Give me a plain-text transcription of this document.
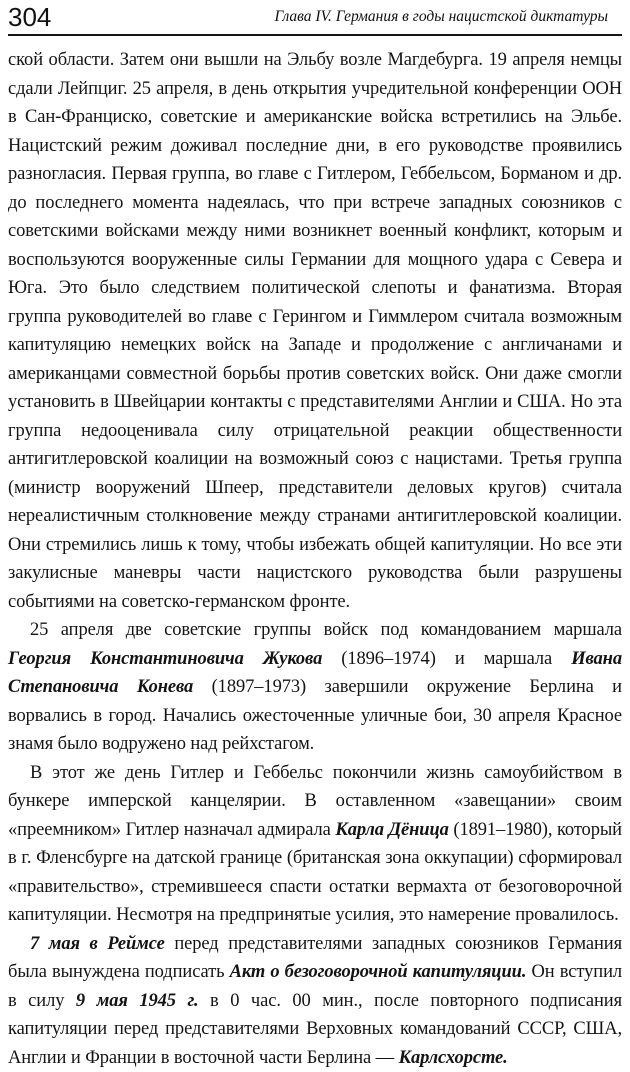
304	Глава IV. Германия в годы нацистской диктатуры

ской области. Затем они вышли на Эльбу возле Магдебурга. 19 апреля немцы сдали Лейпциг. 25 апреля, в день открытия учредительной конференции ООН в Сан-Франциско, советские и американские войска встретились на Эльбе. Нацистский режим доживал последние дни, в его руководстве проявились разногласия. Первая группа, во главе с Гитлером, Геббельсом, Борманом и др. до последнего момента надеялась, что при встрече западных союзников с советскими войсками между ними возникнет военный конфликт, которым и воспользуются вооруженные силы Германии для мощного удара с Севера и Юга. Это было следствием политической слепоты и фанатизма. Вторая группа руководителей во главе с Герингом и Гиммлером считала возможным капитуляцию немецких войск на Западе и продолжение с англичанами и американцами совместной борьбы против советских войск. Они даже смогли установить в Швейцарии контакты с представителями Англии и США. Но эта группа недооценивала силу отрицательной реакции общественности антигитлеровской коалиции на возможный союз с нацистами. Третья группа (министр вооружений Шпеер, представители деловых кругов) считала нереалистичным столкновение между странами антигитлеровской коалиции. Они стремились лишь к тому, чтобы избежать общей капитуляции. Но все эти закулисные маневры части нацистского руководства были разрушены событиями на советско-германском фронте.

25 апреля две советские группы войск под командованием маршала Георгия Константиновича Жукова (1896–1974) и маршала Ивана Степановича Конева (1897–1973) завершили окружение Берлина и ворвались в город. Начались ожесточенные уличные бои, 30 апреля Красное знамя было водружено над рейхстагом.

В этот же день Гитлер и Геббельс покончили жизнь самоубийством в бункере имперской канцелярии. В оставленном «завещании» своим «преемником» Гитлер назначал адмирала Карла Дёница (1891–1980), который в г. Фленсбурге на датской границе (британская зона оккупации) сформировал «правительство», стремившееся спасти остатки вермахта от безоговорочной капитуляции. Несмотря на предпринятые усилия, это намерение провалилось.

7 мая в Реймсе перед представителями западных союзников Германия была вынуждена подписать Акт о безоговорочной капитуляции. Он вступил в силу 9 мая 1945 г. в 0 час. 00 мин., после повторного подписания капитуляции перед представителями Верховных командований СССР, США, Англии и Франции в восточной части Берлина — Карлсхорсте.
